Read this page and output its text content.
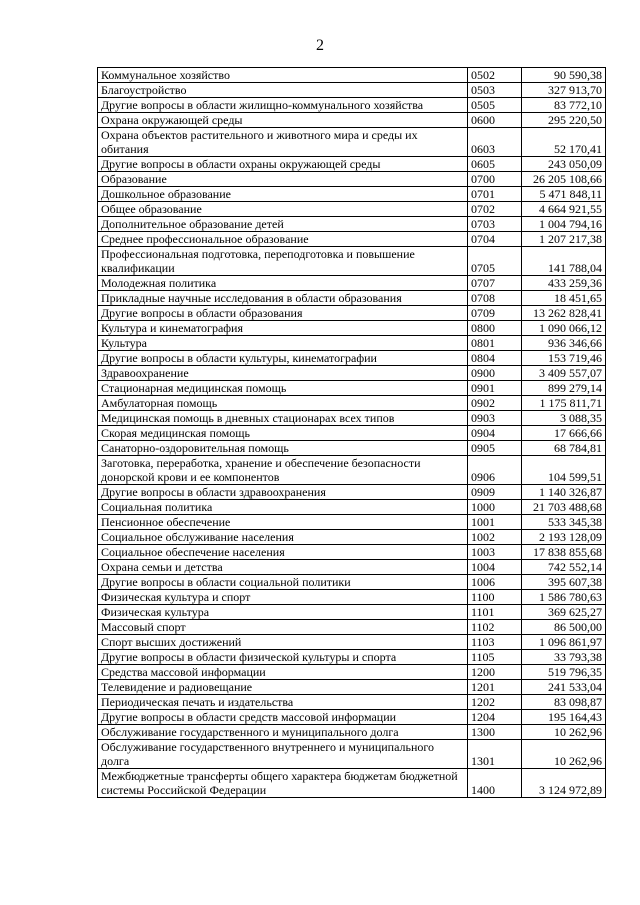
2
Коммунальное хозяйство	0502	90 590,38
Благоустройство	0503	327 913,70
Другие вопросы в области жилищно-коммунального хозяйства	0505	83 772,10
Охрана окружающей среды	0600	295 220,50
Охрана объектов растительного и животного мира и среды их обитания	0603	52 170,41
Другие вопросы в области охраны окружающей среды	0605	243 050,09
Образование	0700	26 205 108,66
Дошкольное образование	0701	5 471 848,11
Общее образование	0702	4 664 921,55
Дополнительное образование детей	0703	1 004 794,16
Среднее профессиональное образование	0704	1 207 217,38
Профессиональная подготовка, переподготовка и повышение квалификации	0705	141 788,04
Молодежная политика	0707	433 259,36
Прикладные научные исследования в области образования	0708	18 451,65
Другие вопросы в области образования	0709	13 262 828,41
Культура и кинематография	0800	1 090 066,12
Культура	0801	936 346,66
Другие вопросы в области культуры, кинематографии	0804	153 719,46
Здравоохранение	0900	3 409 557,07
Стационарная медицинская помощь	0901	899 279,14
Амбулаторная помощь	0902	1 175 811,71
Медицинская помощь в дневных стационарах всех типов	0903	3 088,35
Скорая медицинская помощь	0904	17 666,66
Санаторно-оздоровительная помощь	0905	68 784,81
Заготовка, переработка, хранение и обеспечение безопасности донорской крови и ее компонентов	0906	104 599,51
Другие вопросы в области здравоохранения	0909	1 140 326,87
Социальная политика	1000	21 703 488,68
Пенсионное обеспечение	1001	533 345,38
Социальное обслуживание населения	1002	2 193 128,09
Социальное обеспечение населения	1003	17 838 855,68
Охрана семьи и детства	1004	742 552,14
Другие вопросы в области социальной политики	1006	395 607,38
Физическая культура и спорт	1100	1 586 780,63
Физическая культура	1101	369 625,27
Массовый спорт	1102	86 500,00
Спорт высших достижений	1103	1 096 861,97
Другие вопросы в области физической культуры и спорта	1105	33 793,38
Средства массовой информации	1200	519 796,35
Телевидение и радиовещание	1201	241 533,04
Периодическая печать и издательства	1202	83 098,87
Другие вопросы в области средств массовой информации	1204	195 164,43
Обслуживание государственного и муниципального долга	1300	10 262,96
Обслуживание государственного внутреннего и муниципального долга	1301	10 262,96
Межбюджетные трансферты общего характера бюджетам бюджетной системы Российской Федерации	1400	3 124 972,89
